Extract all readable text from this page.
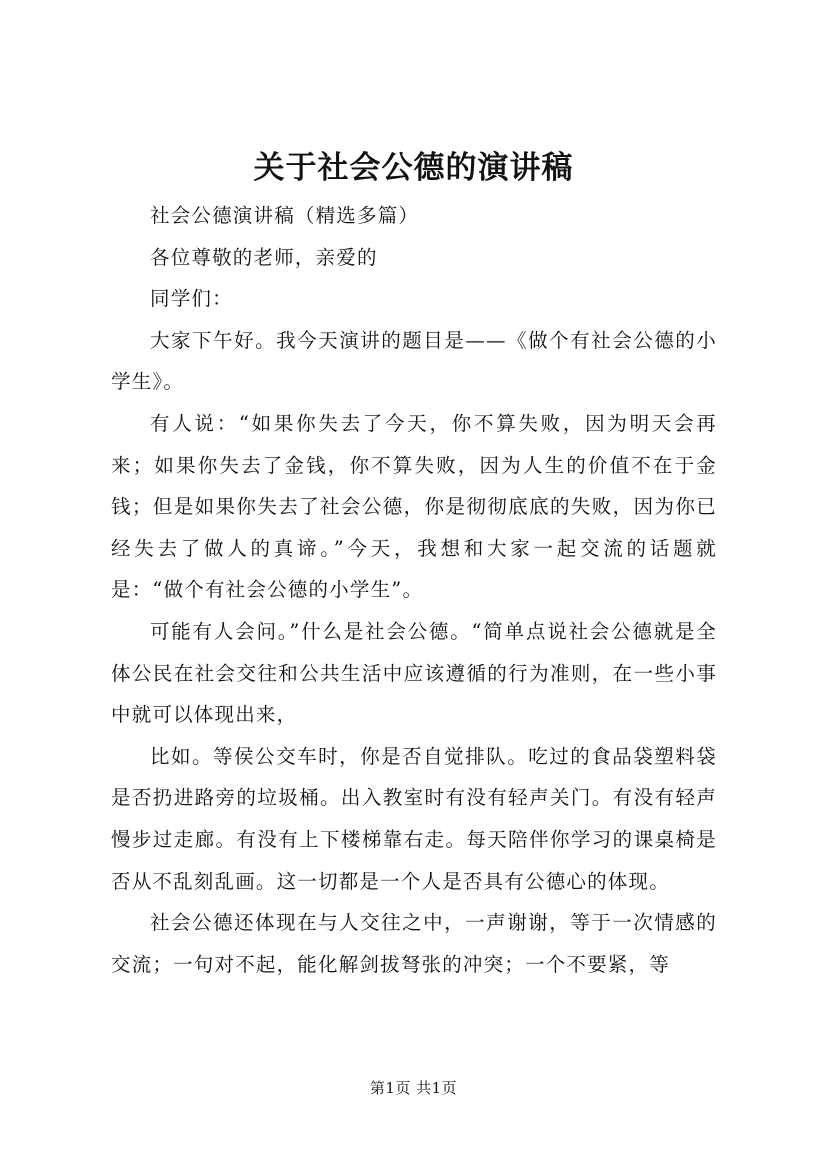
关于社会公德的演讲稿

社会公德演讲稿（精选多篇）

各位尊敬的老师，亲爱的

同学们：

大家下午好。我今天演讲的题目是——《做个有社会公德的小学生》。

有人说：“如果你失去了今天，你不算失败，因为明天会再来；如果你失去了金钱，你不算失败，因为人生的价值不在于金钱；但是如果你失去了社会公德，你是彻彻底底的失败，因为你已经失去了做人的真谛。”今天，我想和大家一起交流的话题就是：“做个有社会公德的小学生”。

可能有人会问。”什么是社会公德。“简单点说社会公德就是全体公民在社会交往和公共生活中应该遵循的行为准则，在一些小事中就可以体现出来，

比如。等侯公交车时，你是否自觉排队。吃过的食品袋塑料袋是否扔进路旁的垃圾桶。出入教室时有没有轻声关门。有没有轻声慢步过走廊。有没有上下楼梯靠右走。每天陪伴你学习的课桌椅是否从不乱刻乱画。这一切都是一个人是否具有公德心的体现。

社会公德还体现在与人交往之中，一声谢谢，等于一次情感的交流；一句对不起，能化解剑拔弩张的冲突；一个不要紧，等

第1页 共1页
